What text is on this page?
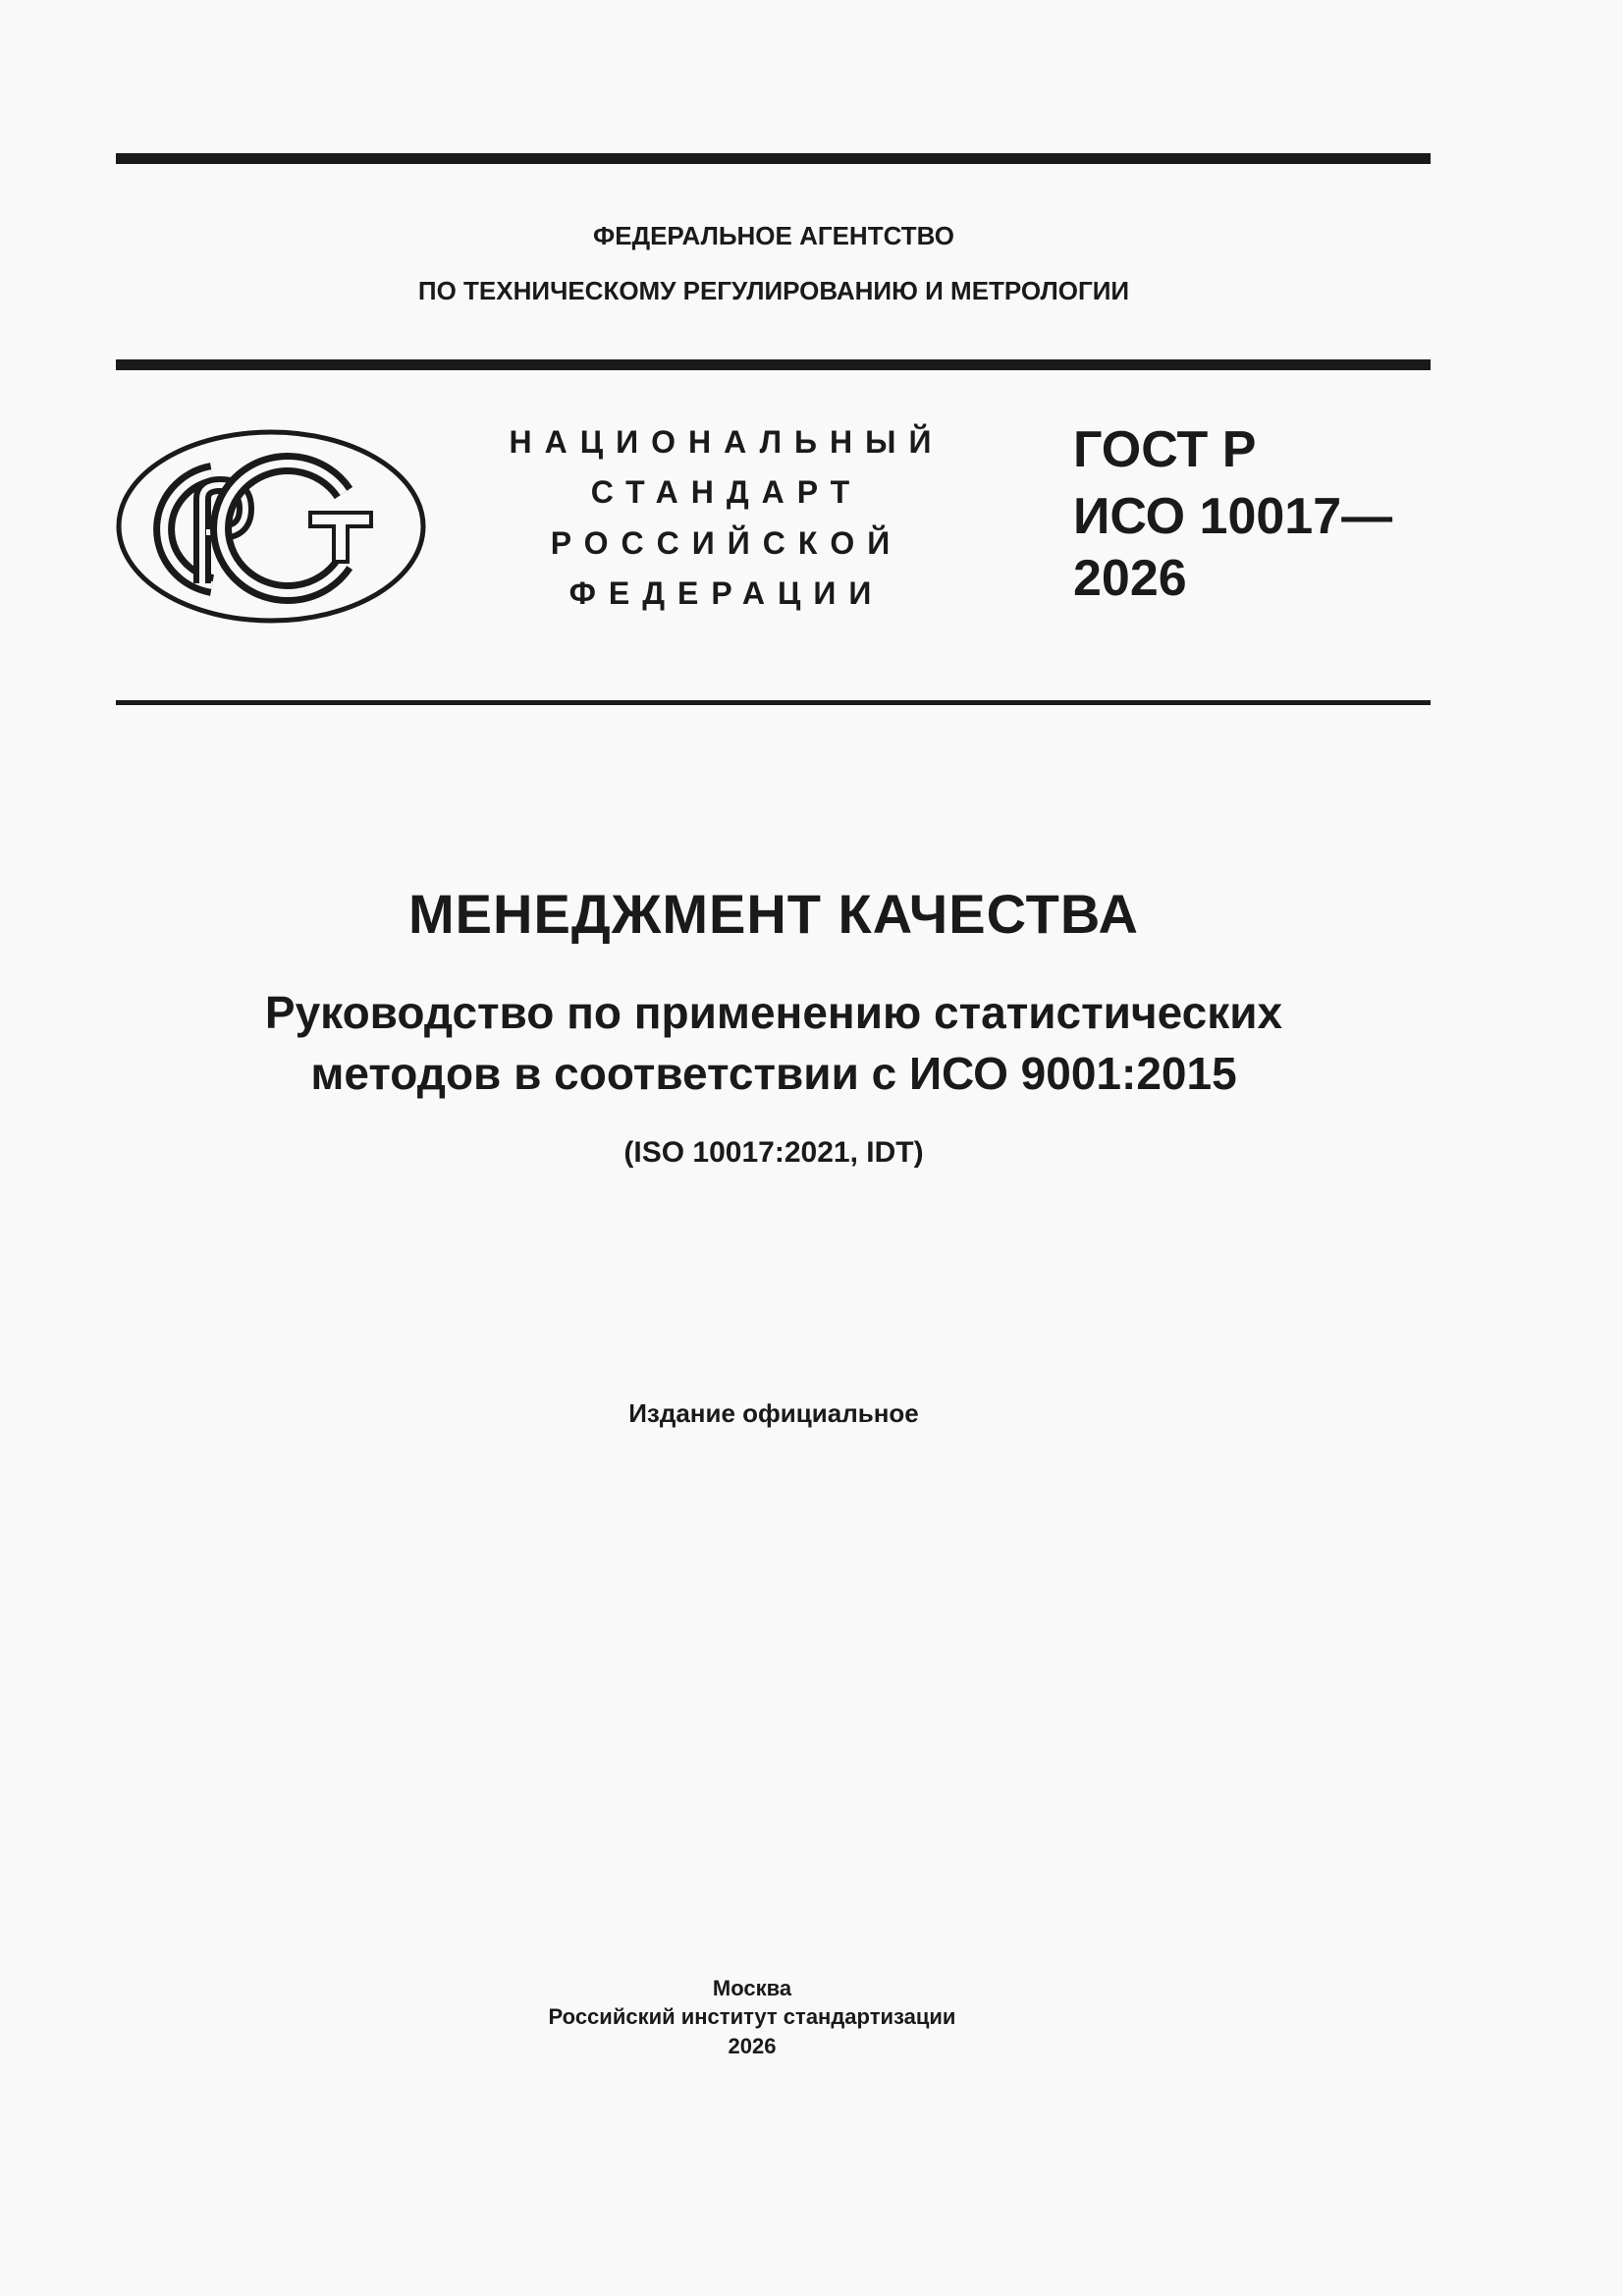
ФЕДЕРАЛЬНОЕ АГЕНТСТВО
ПО ТЕХНИЧЕСКОМУ РЕГУЛИРОВАНИЮ И МЕТРОЛОГИИ
НАЦИОНАЛЬНЫЙ
СТАНДАРТ
РОССИЙСКОЙ
ФЕДЕРАЦИИ
ГОСТ Р
ИСО 10017—
2026
МЕНЕДЖМЕНТ КАЧЕСТВА
Руководство по применению статистических
методов в соответствии с ИСО 9001:2015
(ISO 10017:2021, IDT)
Издание официальное
Москва
Российский институт стандартизации
2026
